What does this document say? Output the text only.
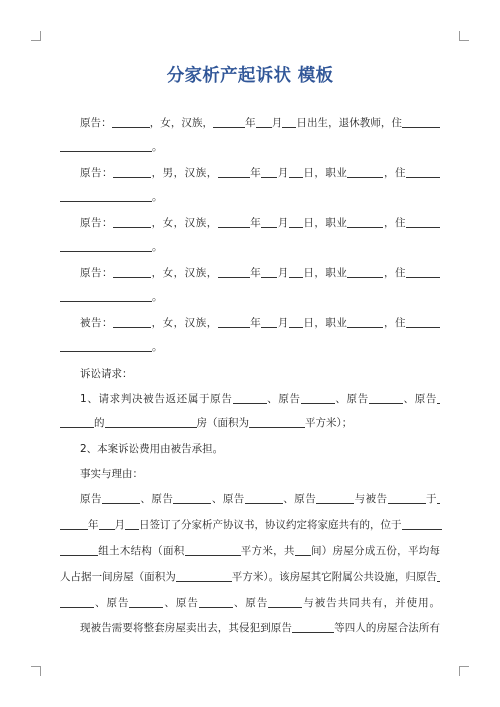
分家析产起诉状 模板
原告：	，女，汉族，	年 月 日出生，退休教师，住
。
原告：	，男，汉族，	年 月 日，职业	，住
。
原告：	，女，汉族，	年 月 日，职业	，住
。
原告：	，女，汉族，	年 月 日，职业	，住
。
被告：	，女，汉族，	年 月 日，职业	，住
。
诉讼请求：
1、请求判决被告返还属于原告	、原告	、原告	、原告
的	房（面积为	平方米）；
2、本案诉讼费用由被告承担。
事实与理由：
原告	、原告	、原告	、原告	与被告	于
年 月 日签订了分家析产协议书，协议约定将家庭共有的，位于
组土木结构（面积	平方米，共 间）房屋分成五份，平均每
人占据一间房屋（面积为	平方米）。该房屋其它附属公共设施，归原告
、原告	、原告	、原告	与被告共同共有，并使用。
现被告需要将整套房屋卖出去，其侵犯到原告	等四人的房屋合法所有
